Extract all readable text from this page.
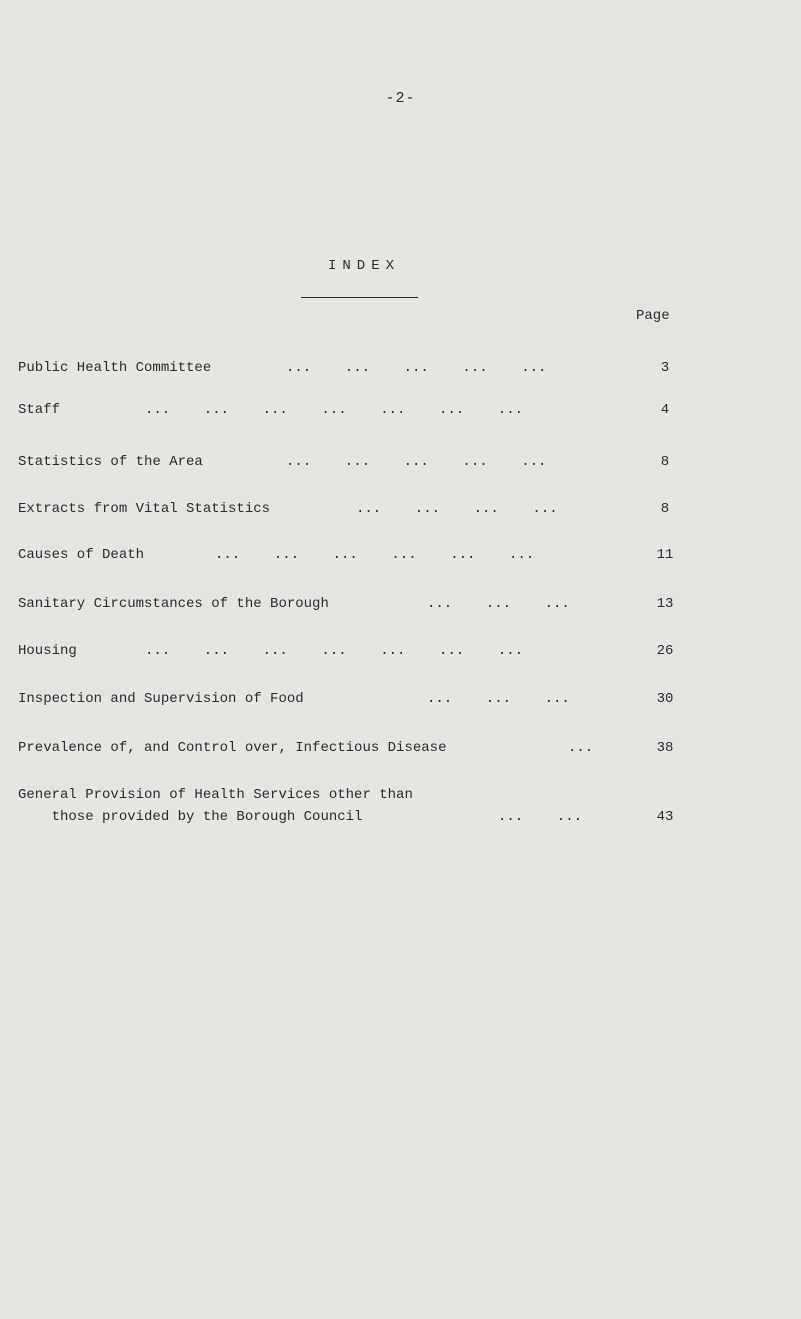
-2-
INDEX
Page
Public Health Committee	...    ...    ...    ...    ...	3
Staff	...    ...    ...    ...    ...    ...    ...	4
Statistics of the Area	...    ...    ...    ...    ...	8
Extracts from Vital Statistics	...    ...    ...    ...	8
Causes of Death	...    ...    ...    ...    ...    ...	11
Sanitary Circumstances of the Borough	...    ...    ...	13
Housing	...    ...    ...    ...    ...    ...    ...	26
Inspection and Supervision of Food	...    ...    ...	30
Prevalence of, and Control over, Infectious Disease	...	38
General Provision of Health Services other than
those provided by the Borough Council	...    ...	43
